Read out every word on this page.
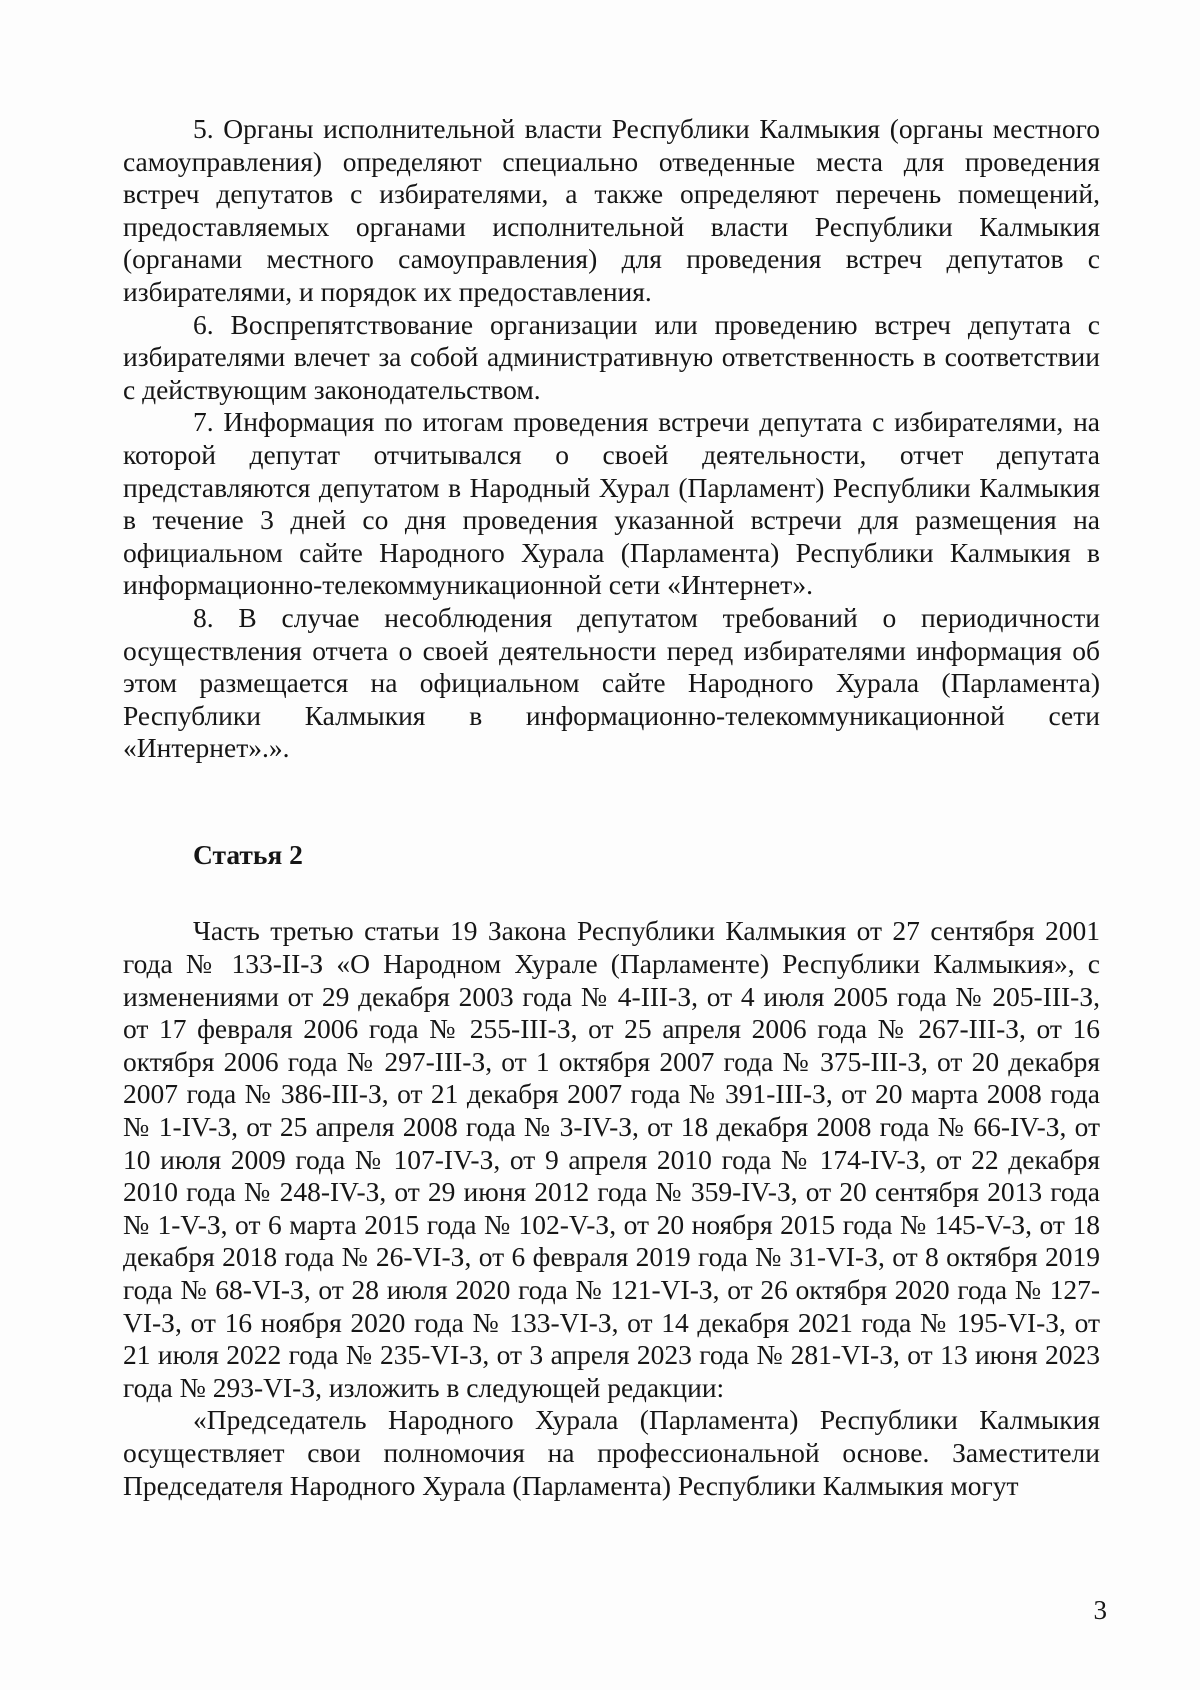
5. Органы исполнительной власти Республики Калмыкия (органы местного самоуправления) определяют специально отведенные места для проведения встреч депутатов с избирателями, а также определяют перечень помещений, предоставляемых органами исполнительной власти Республики Калмыкия (органами местного самоуправления) для проведения встреч депутатов с избирателями, и порядок их предоставления.

6. Воспрепятствование организации или проведению встреч депутата с избирателями влечет за собой административную ответственность в соответствии с действующим законодательством.

7. Информация по итогам проведения встречи депутата с избирателями, на которой депутат отчитывался о своей деятельности, отчет депутата представляются депутатом в Народный Хурал (Парламент) Республики Калмыкия в течение 3 дней со дня проведения указанной встречи для размещения на официальном сайте Народного Хурала (Парламента) Республики Калмыкия в информационно-телекоммуникационной сети «Интернет».

8. В случае несоблюдения депутатом требований о периодичности осуществления отчета о своей деятельности перед избирателями информация об этом размещается на официальном сайте Народного Хурала (Парламента) Республики Калмыкия в информационно-телекоммуникационной сети «Интернет».».

Статья 2

Часть третью статьи 19 Закона Республики Калмыкия от 27 сентября 2001 года № 133-II-З «О Народном Хурале (Парламенте) Республики Калмыкия», с изменениями от 29 декабря 2003 года № 4-III-З, от 4 июля 2005 года № 205-III-З, от 17 февраля 2006 года № 255-III-З, от 25 апреля 2006 года № 267-III-З, от 16 октября 2006 года № 297-III-З, от 1 октября 2007 года № 375-III-З, от 20 декабря 2007 года № 386-III-З, от 21 декабря 2007 года № 391-III-З, от 20 марта 2008 года № 1-IV-З, от 25 апреля 2008 года № 3-IV-З, от 18 декабря 2008 года № 66-IV-З, от 10 июля 2009 года № 107-IV-З, от 9 апреля 2010 года № 174-IV-З, от 22 декабря 2010 года № 248-IV-З, от 29 июня 2012 года № 359-IV-З, от 20 сентября 2013 года № 1-V-З, от 6 марта 2015 года № 102-V-З, от 20 ноября 2015 года № 145-V-З, от 18 декабря 2018 года № 26-VI-З, от 6 февраля 2019 года № 31-VI-З, от 8 октября 2019 года № 68-VI-З, от 28 июля 2020 года № 121-VI-З, от 26 октября 2020 года № 127-VI-З, от 16 ноября 2020 года № 133-VI-З, от 14 декабря 2021 года № 195-VI-З, от 21 июля 2022 года № 235-VI-З, от 3 апреля 2023 года № 281-VI-З, от 13 июня 2023 года № 293-VI-З, изложить в следующей редакции:

«Председатель Народного Хурала (Парламента) Республики Калмыкия осуществляет свои полномочия на профессиональной основе. Заместители Председателя Народного Хурала (Парламента) Республики Калмыкия могут

3
